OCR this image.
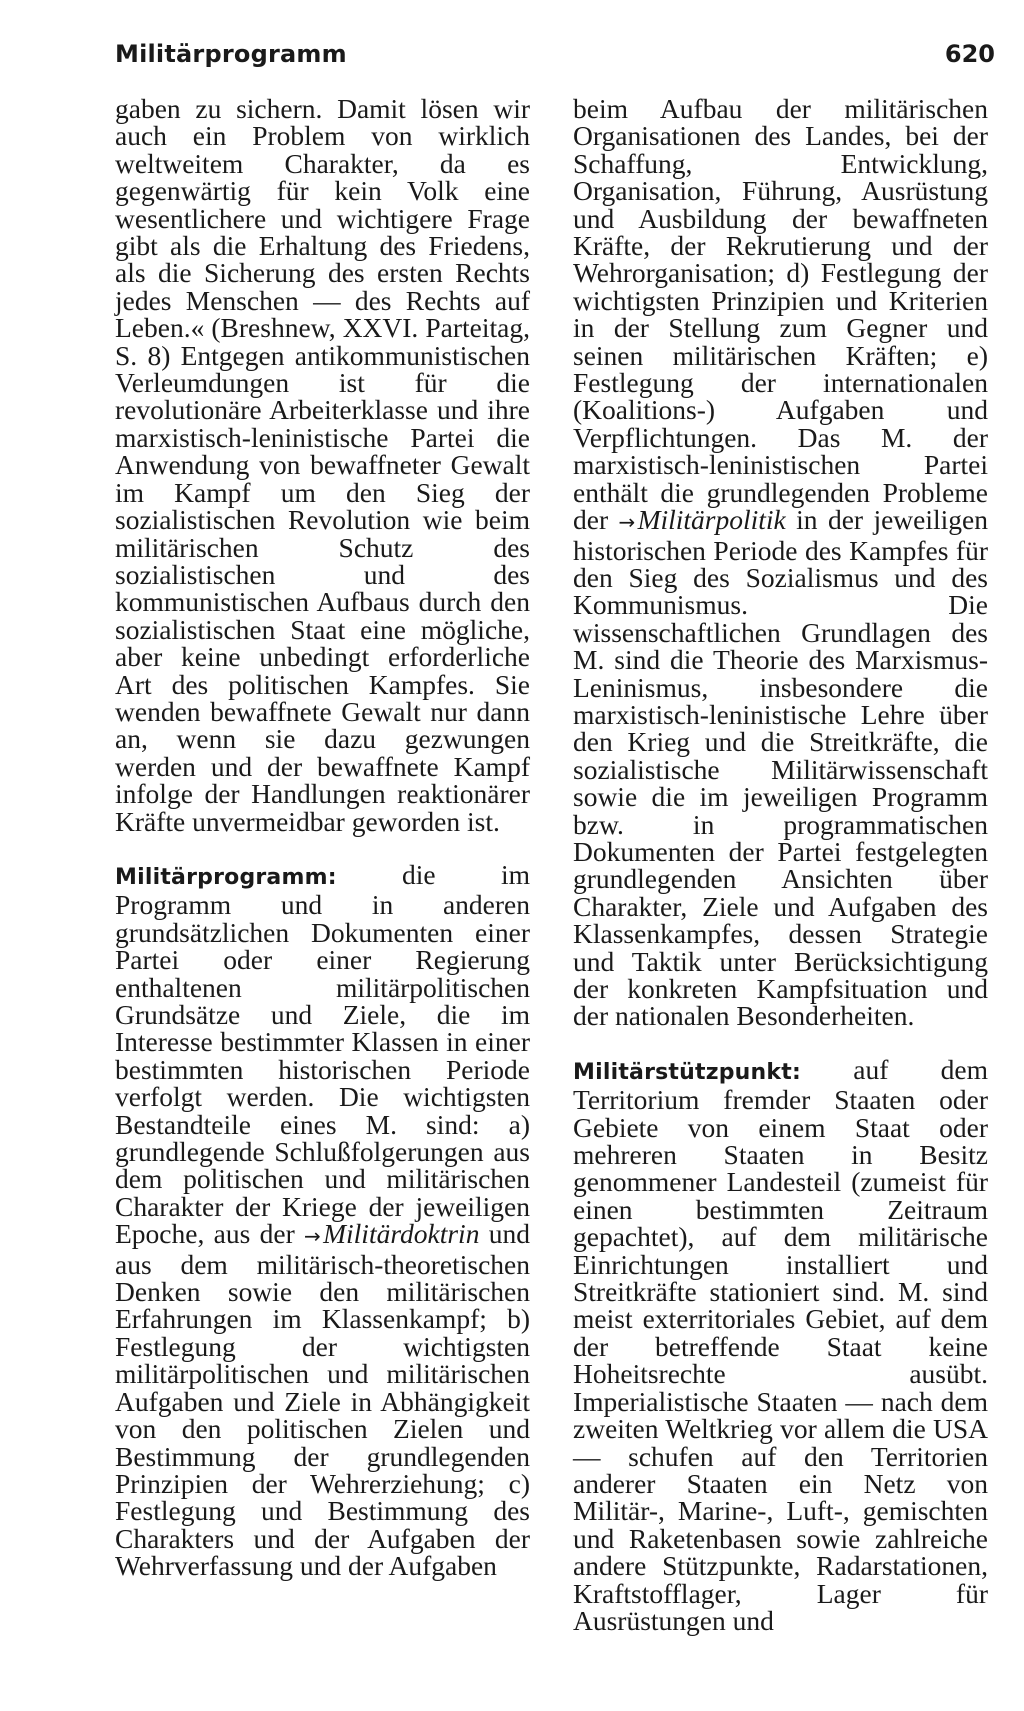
Militärprogramm	620

gaben zu sichern. Damit lösen wir auch ein Problem von wirklich weltweitem Charakter, da es gegenwärtig für kein Volk eine wesentlichere und wichtigere Frage gibt als die Erhaltung des Friedens, als die Sicherung des ersten Rechts jedes Menschen — des Rechts auf Leben.« (Breshnew, XXVI. Parteitag, S. 8) Entgegen antikommunistischen Verleumdungen ist für die revolutionäre Arbeiterklasse und ihre marxistisch-leninistische Partei die Anwendung von bewaffneter Gewalt im Kampf um den Sieg der sozialistischen Revolution wie beim militärischen Schutz des sozialistischen und des kommunistischen Aufbaus durch den sozialistischen Staat eine mögliche, aber keine unbedingt erforderliche Art des politischen Kampfes. Sie wenden bewaffnete Gewalt nur dann an, wenn sie dazu gezwungen werden und der bewaffnete Kampf infolge der Handlungen reaktionärer Kräfte unvermeidbar geworden ist.

Militärprogramm: die im Programm und in anderen grundsätzlichen Dokumenten einer Partei oder einer Regierung enthaltenen militärpolitischen Grundsätze und Ziele, die im Interesse bestimmter Klassen in einer bestimmten historischen Periode verfolgt werden. Die wichtigsten Bestandteile eines M. sind: a) grundlegende Schlußfolgerungen aus dem politischen und militärischen Charakter der Kriege der jeweiligen Epoche, aus der → Militärdoktrin und aus dem militärisch-theoretischen Denken sowie den militärischen Erfahrungen im Klassenkampf; b) Festlegung der wichtigsten militärpolitischen und militärischen Aufgaben und Ziele in Abhängigkeit von den politischen Zielen und Bestimmung der grundlegenden Prinzipien der Wehrerziehung; c) Festlegung und Bestimmung des Charakters und der Aufgaben der Wehrverfassung und der Aufgaben

beim Aufbau der militärischen Organisationen des Landes, bei der Schaffung, Entwicklung, Organisation, Führung, Ausrüstung und Ausbildung der bewaffneten Kräfte, der Rekrutierung und der Wehrorganisation; d) Festlegung der wichtigsten Prinzipien und Kriterien in der Stellung zum Gegner und seinen militärischen Kräften; e) Festlegung der internationalen (Koalitions-) Aufgaben und Verpflichtungen. Das M. der marxistisch-leninistischen Partei enthält die grundlegenden Probleme der → Militärpolitik in der jeweiligen historischen Periode des Kampfes für den Sieg des Sozialismus und des Kommunismus. Die wissenschaftlichen Grundlagen des M. sind die Theorie des Marxismus-Leninismus, insbesondere die marxistisch-leninistische Lehre über den Krieg und die Streitkräfte, die sozialistische Militärwissenschaft sowie die im jeweiligen Programm bzw. in programmatischen Dokumenten der Partei festgelegten grundlegenden Ansichten über Charakter, Ziele und Aufgaben des Klassenkampfes, dessen Strategie und Taktik unter Berücksichtigung der konkreten Kampfsituation und der nationalen Besonderheiten.

Militärstützpunkt: auf dem Territorium fremder Staaten oder Gebiete von einem Staat oder mehreren Staaten in Besitz genommener Landesteil (zumeist für einen bestimmten Zeitraum gepachtet), auf dem militärische Einrichtungen installiert und Streitkräfte stationiert sind. M. sind meist exterritoriales Gebiet, auf dem der betreffende Staat keine Hoheitsrechte ausübt. Imperialistische Staaten — nach dem zweiten Weltkrieg vor allem die USA — schufen auf den Territorien anderer Staaten ein Netz von Militär-, Marine-, Luft-, gemischten und Raketenbasen sowie zahlreiche andere Stützpunkte, Radarstationen, Kraftstofflager, Lager für Ausrüstungen und
